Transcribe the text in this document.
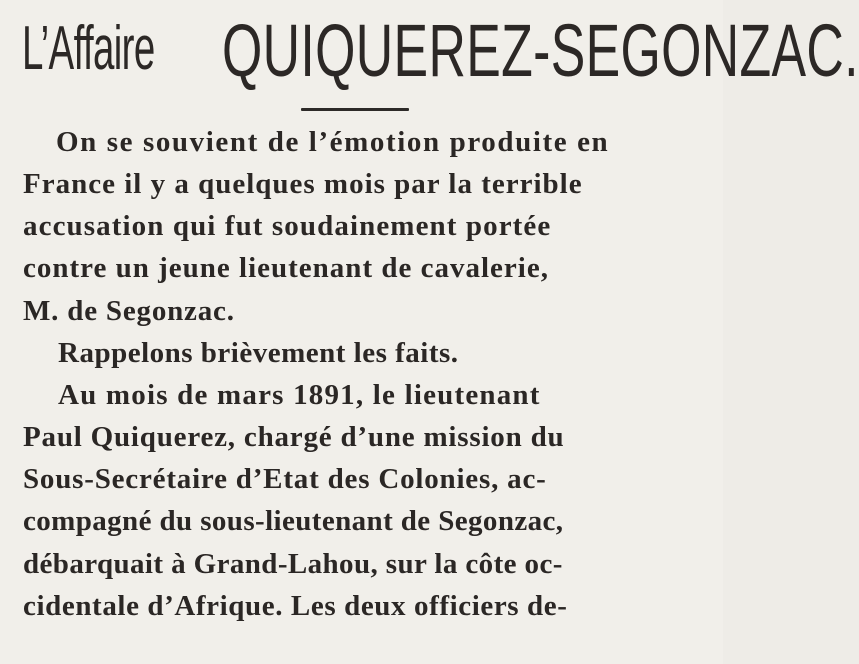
L’Affaire QUIQUEREZ-SEGONZAC.
On se souvient de l’émotion produite en
France il y a quelques mois par la terrible
accusation qui fut soudainement portée
contre un jeune lieutenant de cavalerie,
M. de Segonzac.
Rappelons brièvement les faits.
Au mois de mars 1891, le lieutenant
Paul Quiquerez, chargé d’une mission du
Sous-Secrétaire d’Etat des Colonies, ac-
compagné du sous-lieutenant de Segonzac,
débarquait à Grand-Lahou, sur la côte oc-
cidentale d’Afrique. Les deux officiers de-
